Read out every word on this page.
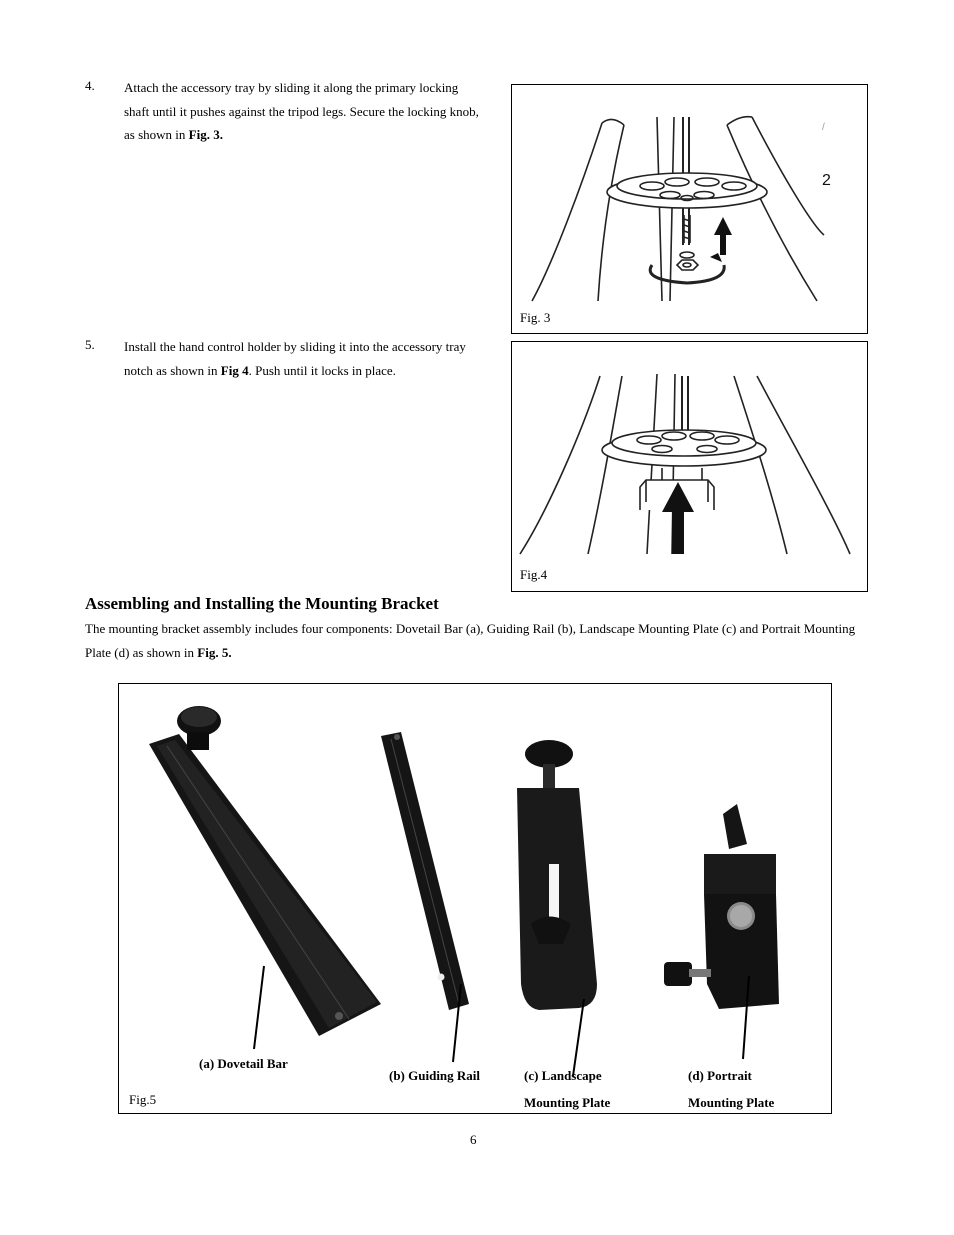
4. Attach the accessory tray by sliding it along the primary locking shaft until it pushes against the tripod legs. Secure the locking knob, as shown in Fig. 3.	/
2
Fig. 3
5. Install the hand control holder by sliding it into the accessory tray notch as shown in Fig 4. Push until it locks in place.
Fig.4
Assembling and Installing the Mounting Bracket
The mounting bracket assembly includes four components: Dovetail Bar (a), Guiding Rail (b), Landscape Mounting Plate (c) and Portrait Mounting Plate (d) as shown in Fig. 5.
(a) Dovetail Bar
(b) Guiding Rail	(c) Landscape
Mounting Plate
(d) Portrait
Mounting Plate
Fig.5
6
